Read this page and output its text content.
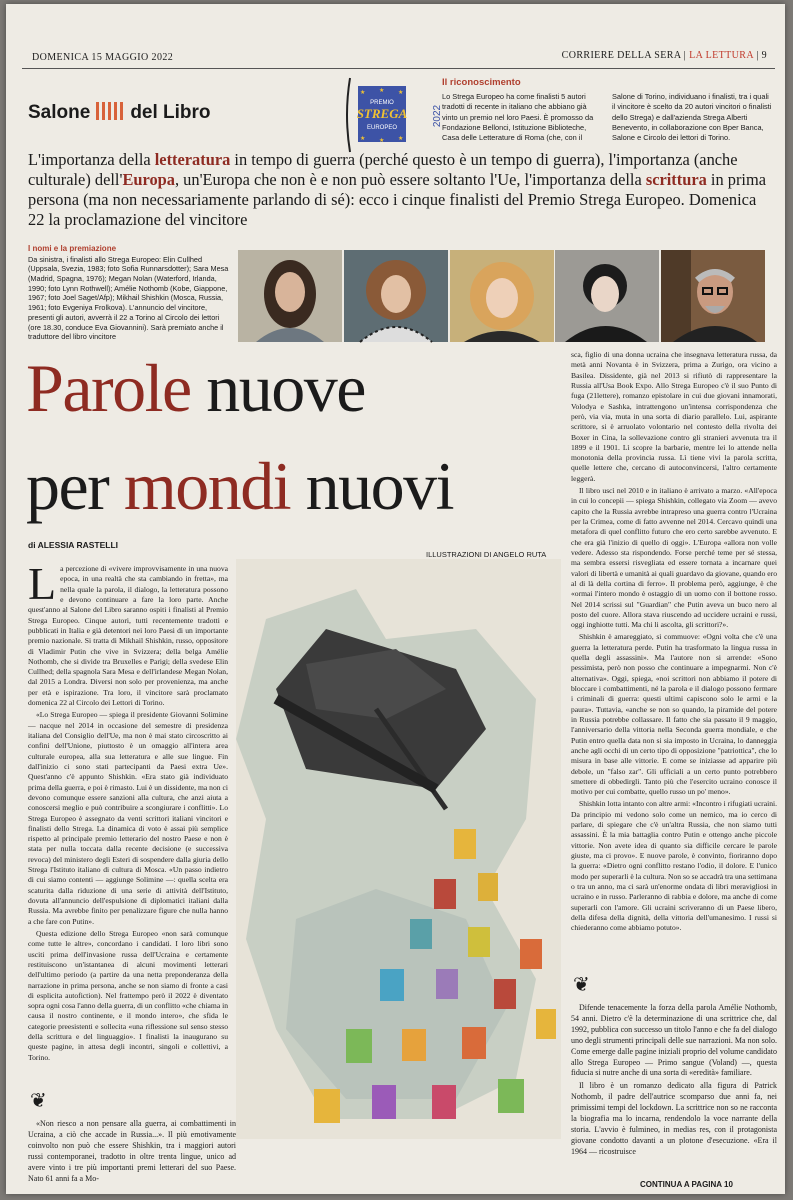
DOMENICA 15 MAGGIO 2022	CORRIERE DELLA SERA | LA LETTURA | 9
Salone del Libro
★	★
★	★
★
★
PREMIO
STREGA
EUROPEO
2022
Il riconoscimento
Lo Strega Europeo ha come finalisti 5 autori tradotti di recente in italiano che abbiano già vinto un premio nel loro Paesi. È promosso da Fondazione Bellonci, Istituzione Biblioteche, Casa delle Letterature di Roma (che, con il Salone di Torino, individuano i finalisti, tra i quali il vincitore è scelto da 20 autori vincitori o finalisti dello Strega) e dall'azienda Strega Alberti Benevento, in collaborazione con Bper Banca, Salone e Circolo dei lettori di Torino.
L'importanza della letteratura in tempo di guerra (perché questo è un tempo di guerra), l'importanza (anche culturale) dell'Europa, un'Europa che non è e non può essere soltanto l'Ue, l'importanza della scrittura in prima persona (ma non necessariamente parlando di sé): ecco i cinque finalisti del Premio Strega Europeo. Domenica 22 la proclamazione del vincitore
I nomi e la premiazione
Da sinistra, i finalisti allo Strega Europeo: Elin Cullhed (Uppsala, Svezia, 1983; foto Sofia Runnarsdotter); Sara Mesa (Madrid, Spagna, 1976); Megan Nolan (Waterford, Irlanda, 1990; foto Lynn Rothwell); Amélie Nothomb (Kobe, Giappone, 1967; foto Joel Saget/Afp); Mikhail Shishkin (Mosca, Russia, 1961; foto Evgeniya Frolkova). L'annuncio del vincitore, presenti gli autori, avverrà il 22 a Torino al Circolo dei lettori (ore 18.30, conduce Eva Giovannini). Sarà premiato anche il traduttore del libro vincitore
Parole nuove
per mondi nuovi
di ALESSIA RASTELLI
ILLUSTRAZIONI DI ANGELO RUTA

La percezione di «vivere improvvisamente in una nuova epoca, in una realtà che sta cambiando in fretta», ma nella quale la parola, il dialogo, la letteratura possono e devono continuare a fare la loro parte. Anche quest'anno al Salone del Libro saranno ospiti i finalisti al Premio Strega Europeo. Cinque autori, tutti recentemente tradotti e pubblicati in Italia e già detentori nei loro Paesi di un importante premio nazionale. Si tratta di Mikhail Shishkin, russo, oppositore di Vladimir Putin che vive in Svizzera; della belga Amélie Nothomb, che si divide tra Bruxelles e Parigi; della svedese Elin Cullhed; della spagnola Sara Mesa e dell'irlandese Megan Nolan, dal 2015 a Londra. Diversi non solo per provenienza, ma anche per età e ispirazione. Tra loro, il vincitore sarà proclamato domenica 22 al Circolo dei Lettori di Torino.

«Lo Strega Europeo — spiega il presidente Giovanni Solimine — nacque nel 2014 in occasione del semestre di presidenza italiana del Consiglio dell'Ue, ma non è mai stato circoscritto ai confini dell'Unione, piuttosto è un omaggio all'intera area culturale europea, alla sua letteratura e alle sue lingue. Fin dall'inizio ci sono stati partecipanti da Paesi extra Ue». Quest'anno c'è appunto Shishkin. «Era stato già individuato prima della guerra, e poi è rimasto. Lui è un dissidente, ma non ci devono comunque essere sanzioni alla cultura, che anzi aiuta a conoscersi meglio e può contribuire a scongiurare i conflitti». Lo Strega Europeo è assegnato da venti scrittori italiani vincitori e finalisti dello Strega. La dinamica di voto è assai più semplice rispetto al principale premio letterario del nostro Paese e non è stata per nulla toccata dalla recente decisione (e successiva revoca) del ministero degli Esteri di sospendere dalla giuria dello Strega l'Istituto italiano di cultura di Mosca. «Un passo indietro di cui siamo contenti — aggiunge Solimine —: quella scelta era scaturita dalla riduzione di una serie di attività dell'Istituto, dovuta all'annuncio dell'espulsione di diplomatici italiani dalla Russia. Ma avrebbe finito per penalizzare figure che nulla hanno a che fare con Putin».

Questa edizione dello Strega Europeo «non sarà comunque come tutte le altre», concordano i candidati. I loro libri sono usciti prima dell'invasione russa dell'Ucraina e certamente restituiscono un'istantanea di alcuni movimenti letterari dell'ultimo periodo (a partire da una netta preponderanza della narrazione in prima persona, anche se non siamo di fronte a casi di esplicita autofiction). Nel frattempo però il 2022 è diventato sopra ogni cosa l'anno della guerra, di un conflitto «che chiama in causa il nostro continente, e il mondo intero», che sfida le categorie preesistenti e sollecita «una riflessione sul senso stesso della scrittura e del linguaggio». I finalisti la inaugurano su queste pagine, in attesa degli incontri, singoli e collettivi, a Torino.

❦

«Non riesco a non pensare alla guerra, ai combattimenti in Ucraina, a ciò che accade in Russia...». Il più emotivamente coinvolto non può che essere Shishkin, tra i maggiori autori russi contemporanei, tradotto in oltre trenta lingue, unico ad avere vinto i tre più importanti premi letterari del suo Paese. Nato 61 anni fa a Mo-

sca, figlio di una donna ucraina che insegnava letteratura russa, da metà anni Novanta è in Svizzera, prima a Zurigo, ora vicino a Basilea. Dissidente, già nel 2013 si rifiutò di rappresentare la Russia all'Usa Book Expo. Allo Strega Europeo c'è il suo Punto di fuga (21lettere), romanzo epistolare in cui due giovani innamorati, Volodya e Sashka, intrattengono un'intensa corrispondenza che però, via via, muta in una sorta di diario parallelo. Lui, aspirante scrittore, si è arruolato volontario nel contesto della rivolta dei Boxer in Cina, la sollevazione contro gli stranieri avvenuta tra il 1899 e il 1901. Lì scopre la barbarie, mentre lei lo attende nella monotonia della provincia russa. Lì tiene vivi la parola scritta, quelle lettere che, cercano di autoconvincersi, l'altro certamente leggerà.

Il libro uscì nel 2010 e in italiano è arrivato a marzo. «All'epoca in cui lo concepii — spiega Shishkin, collegato via Zoom — avevo capito che la Russia avrebbe intrapreso una guerra contro l'Ucraina per la Crimea, come di fatto avvenne nel 2014. Cercavo quindi una metafora di quel conflitto futuro che ero certo sarebbe avvenuto. E che era già l'inizio di quello di oggi». L'Europa «allora non volle vedere. Adesso sta rispondendo. Forse perché teme per sé stessa, ma sembra essersi risvegliata ed essere tornata a incarnare quei valori di libertà e umanità ai quali guardavo da giovane, quando ero al di là della cortina di ferro». Il problema però, aggiunge, è che «ormai l'intero mondo è ostaggio di un uomo con il bottone rosso. Nel 2014 scrissi sul "Guardian" che Putin aveva un buco nero al posto del cuore. Allora stava riuscendo ad uccidere ucraini e russi, oggi inghiotte tutti. Ma chi li ascolta, gli scrittori?».

Shishkin è amareggiato, si commuove: «Ogni volta che c'è una guerra la letteratura perde. Putin ha trasformato la lingua russa in quella degli assassini». Ma l'autore non si arrende: «Sono pessimista, però non posso che continuare a impegnarmi. Non c'è alternativa». Oggi, spiega, «noi scrittori non abbiamo il potere di bloccare i combattimenti, né la parola e il dialogo possono fermare i criminali di guerra: questi ultimi capiscono solo le armi e la paura». Tuttavia, «anche se non so quando, la piramide del potere in Russia potrebbe collassare. Il fatto che sia passato il 9 maggio, l'anniversario della vittoria nella Seconda guerra mondiale, e che Putin entro quella data non si sia imposto in Ucraina, lo danneggia anche agli occhi di un certo tipo di opposizione "patriottica", che lo misura in base alle vittorie. E come se iniziasse ad apparire più debole, un "falso zar". Gli ufficiali a un certo punto potrebbero smettere di obbedirgli. Tanto più che l'esercito ucraino conosce il motivo per cui combatte, quello russo un po' meno».

Shishkin lotta intanto con altre armi: «Incontro i rifugiati ucraini. Da principio mi vedono solo come un nemico, ma io cerco di parlare, di spiegare che c'è un'altra Russia, che non siamo tutti assassini. È la mia battaglia contro Putin e ottengo anche piccole vittorie. Non avete idea di quanto sia difficile cercare le parole giuste, ma ci provo». E nuove parole, è convinto, fioriranno dopo la guerra: «Dietro ogni conflitto restano l'odio, il dolore. E l'unico modo per superarli è la cultura. Non so se accadrà tra una settimana o tra un anno, ma ci sarà un'enorme ondata di libri meravigliosi in ucraino e in russo. Parleranno di rabbia e dolore, ma anche di come superarli con l'amore. Gli ucraini scriveranno di un Paese libero, della difesa della dignità, della vittoria dell'umanesimo. I russi si chiederanno come abbiamo potuto».

❦

Difende tenacemente la forza della parola Amélie Nothomb, 54 anni. Dietro c'è la determinazione di una scrittrice che, dal 1992, pubblica con successo un titolo l'anno e che fa del dialogo uno degli strumenti principali delle sue narrazioni. Ma non solo. Come emerge dalle pagine iniziali proprio del volume candidato allo Strega Europeo — Primo sangue (Voland) —, questa fiducia si nutre anche di una sorta di «eredità» familiare.

Il libro è un romanzo dedicato alla figura di Patrick Nothomb, il padre dell'autrice scomparso due anni fa, nei primissimi tempi del lockdown. La scrittrice non so ne racconta la biografia ma lo incarna, rendendolo la voce narrante della storia. L'avvio è fulmineo, in medias res, con il protagonista giovane condotto davanti a un plotone d'esecuzione. «Era il 1964 — ricostruisce

CONTINUA A PAGINA 10
